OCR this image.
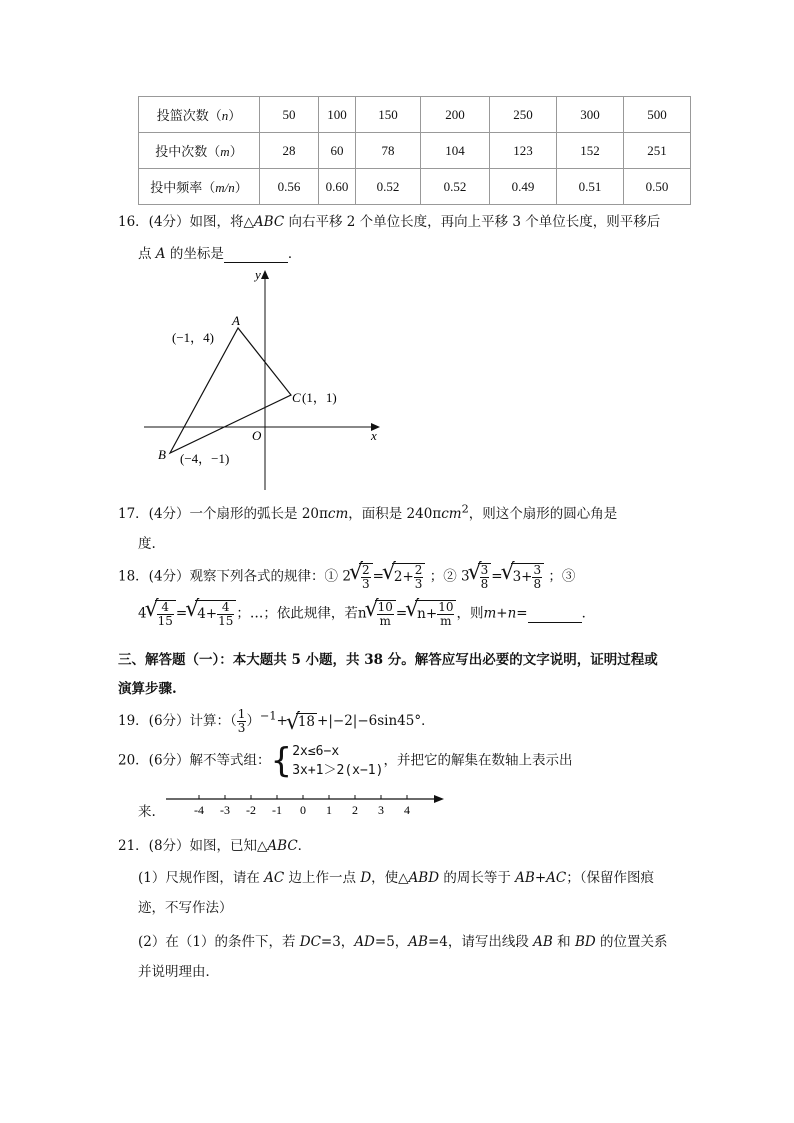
投篮次数（n）	50	100	150	200	250	300	500
投中次数（m）	28	60	78	104	123	152	251
投中频率（m/n）	0.56	0.60	0.52	0.52	0.49	0.51	0.50
16．(4分）如图，将△ABC 向右平移 2 个单位长度，再向上平移 3 个单位长度，则平移后
点 A 的坐标是	．
y
x
O
A
(−1，4)
B (−4，−1)
C (1，1)
17．(4分）一个扇形的弧长是 20πcm，面积是 240πcm$^2$，则这个扇形的圆心角是
度.
18．(4分）观察下列各式的规律：① 2 √ $\frac{2}{3}$ = √ $2+ \frac{2}{3}$ ；② 3 √ $\frac{3}{8}$ = √ $3+ \frac{3}{8}$ ；③
4 √ $\frac{4}{15}$ = √ $4+ \frac{4}{15}$ ；…；依此规律，若n √ $\frac{10}{m}$ = √ $n+ \frac{10}{m}$ ，则m+n=	．
三、解答题（一）：本大题共 5 小题，共 38 分。解答应写出必要的文字说明，证明过程或
演算步骤.
19．(6分）计算：（ $\frac{1}{3} )^{-1}+$ √ 18 +|−2|−6sin45°．
20．(6分）解不等式组：{2x≤6−x
3x+1＞2(x−1)，并把它的解集在数轴上表示出
来.	-4 -3 -2 -1 0 1 2 3 4
21．(8分）如图，已知△ABC．
(1）尺规作图，请在 AC 边上作一点 D，使△ABD 的周长等于 AB+AC；（保留作图痕
迹，不写作法）
(2）在（1）的条件下，若 DC=3，AD=5，AB=4，请写出线段 AB 和 BD 的位置关系
并说明理由．
